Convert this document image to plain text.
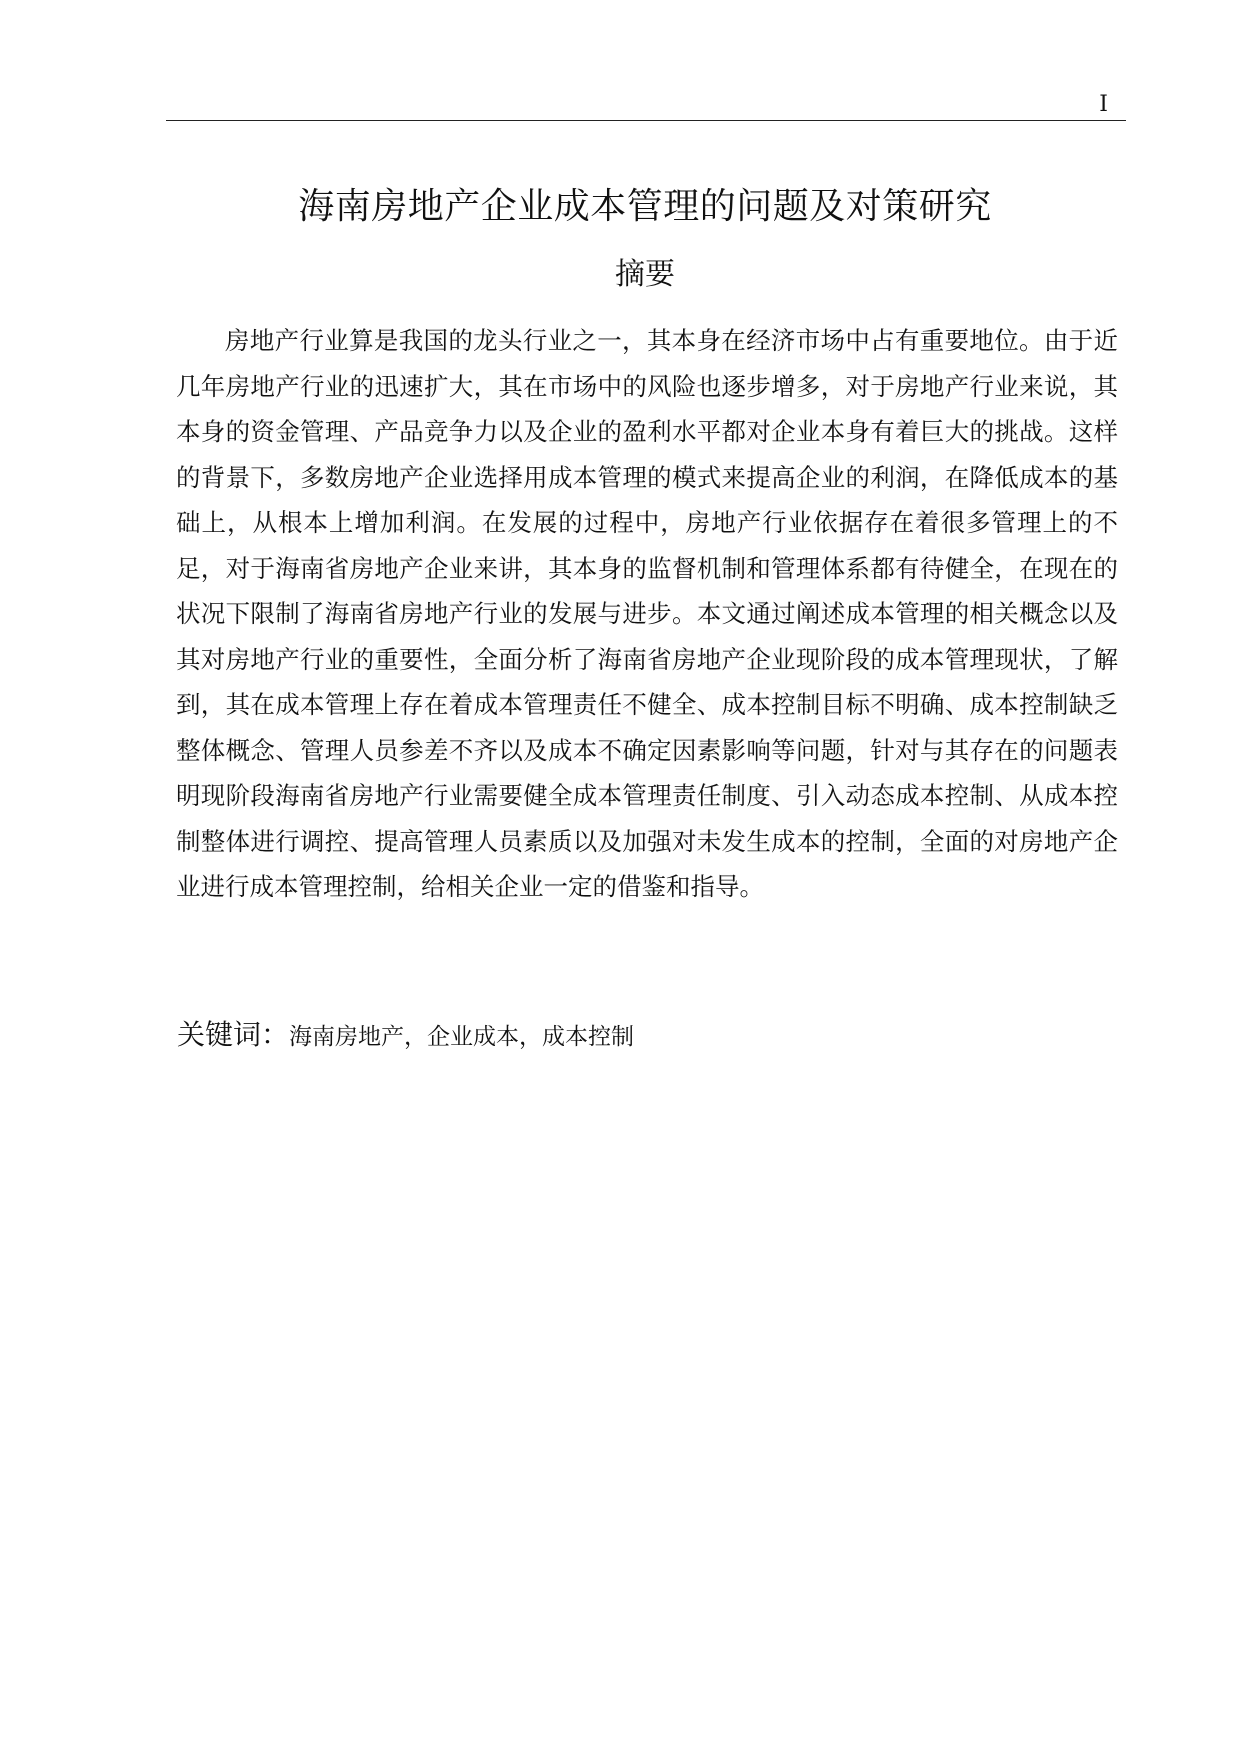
I
海南房地产企业成本管理的问题及对策研究
摘要

房地产行业算是我国的龙头行业之一，其本身在经济市场中占有重要地位。由于近几年房地产行业的迅速扩大，其在市场中的风险也逐步增多，对于房地产行业来说，其本身的资金管理、产品竞争力以及企业的盈利水平都对企业本身有着巨大的挑战。这样的背景下，多数房地产企业选择用成本管理的模式来提高企业的利润，在降低成本的基础上，从根本上增加利润。在发展的过程中，房地产行业依据存在着很多管理上的不足，对于海南省房地产企业来讲，其本身的监督机制和管理体系都有待健全，在现在的状况下限制了海南省房地产行业的发展与进步。本文通过阐述成本管理的相关概念以及其对房地产行业的重要性，全面分析了海南省房地产企业现阶段的成本管理现状，了解到，其在成本管理上存在着成本管理责任不健全、成本控制目标不明确、成本控制缺乏整体概念、管理人员参差不齐以及成本不确定因素影响等问题，针对与其存在的问题表明现阶段海南省房地产行业需要健全成本管理责任制度、引入动态成本控制、从成本控制整体进行调控、提高管理人员素质以及加强对未发生成本的控制，全面的对房地产企业进行成本管理控制，给相关企业一定的借鉴和指导。

关键词：海南房地产，企业成本，成本控制
